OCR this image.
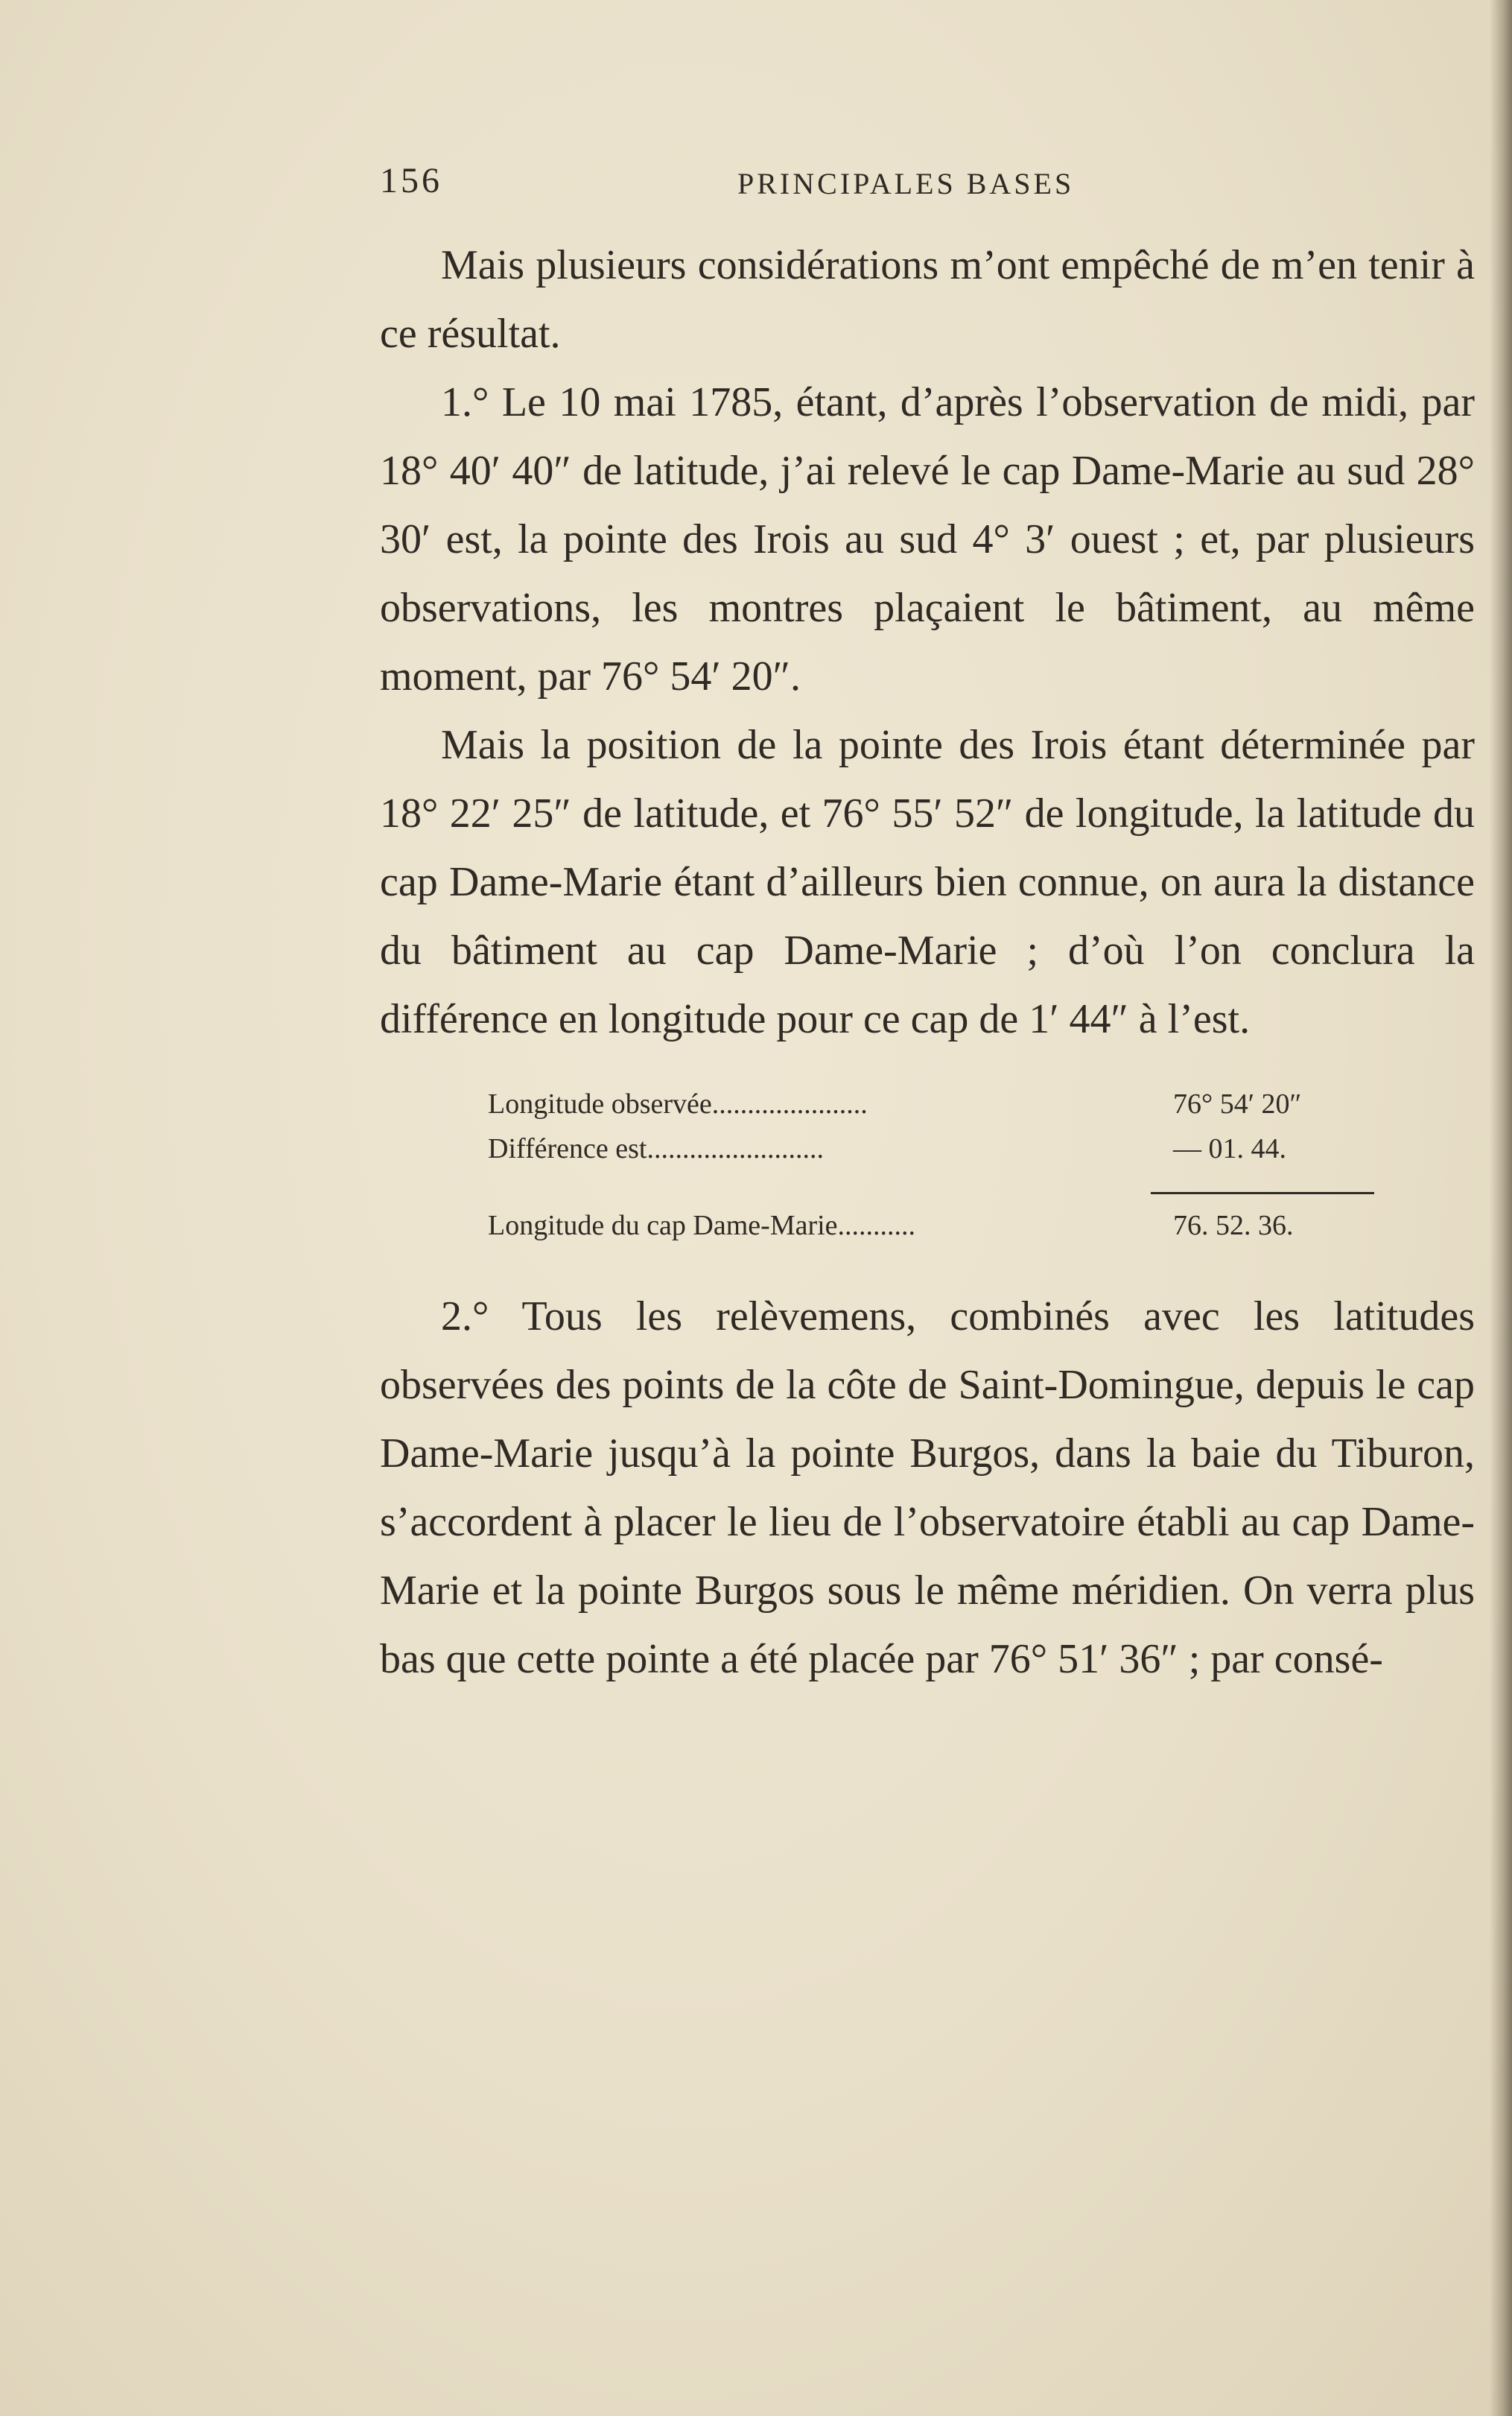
156	PRINCIPALES BASES

Mais plusieurs considérations m’ont empêché de m’en tenir à ce résultat.

1.° Le 10 mai 1785, étant, d’après l’observation de midi, par 18° 40′ 40″ de latitude, j’ai relevé le cap Dame-Marie au sud 28° 30′ est, la pointe des Irois au sud 4° 3′ ouest ; et, par plusieurs observations, les montres plaçaient le bâtiment, au même moment, par 76° 54′ 20″.

Mais la position de la pointe des Irois étant déterminée par 18° 22′ 25″ de latitude, et 76° 55′ 52″ de longitude, la latitude du cap Dame-Marie étant d’ailleurs bien connue, on aura la distance du bâtiment au cap Dame-Marie ; d’où l’on conclura la différence en longitude pour ce cap de 1′ 44″ à l’est.

Longitude observée......................	76° 54′ 20″
Différence est.........................	— 01. 44.
Longitude du cap Dame-Marie...........	76. 52. 36.

2.° Tous les relèvemens, combinés avec les latitudes observées des points de la côte de Saint-Domingue, depuis le cap Dame-Marie jusqu’à la pointe Burgos, dans la baie du Tiburon, s’accordent à placer le lieu de l’observatoire établi au cap Dame-Marie et la pointe Burgos sous le même méridien. On verra plus bas que cette pointe a été placée par 76° 51′ 36″ ; par consé-
